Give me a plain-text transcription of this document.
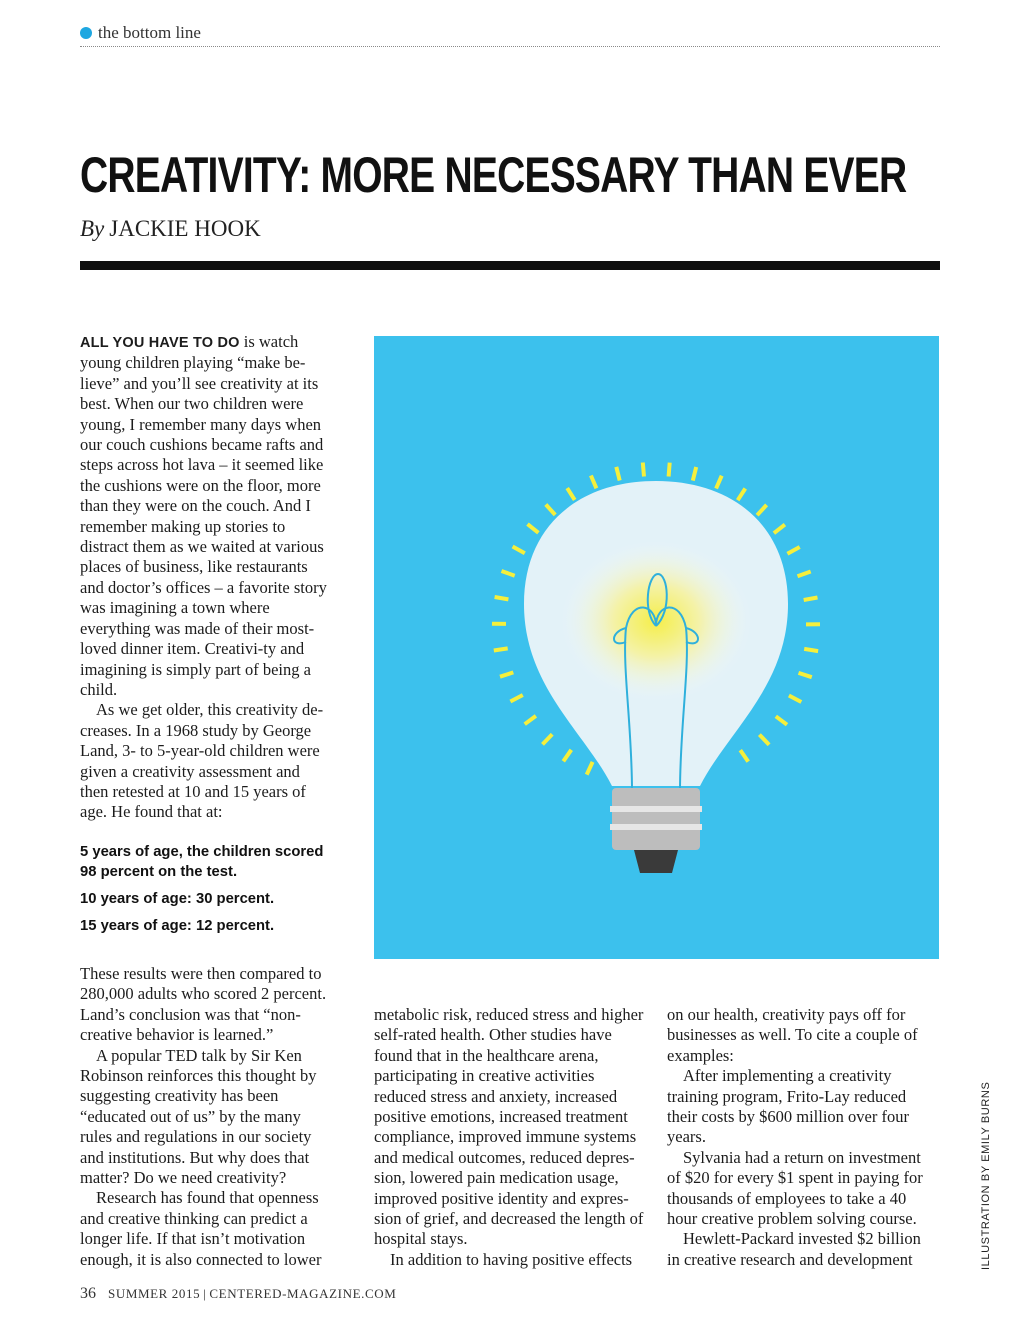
the bottom line
CREATIVITY: MORE NECESSARY THAN EVER
By JACKIE HOOK

ALL YOU HAVE TO DO is watch young children playing “make be-lieve” and you’ll see creativity at its best. When our two children were young, I remember many days when our couch cushions became rafts and steps across hot lava – it seemed like the cushions were on the floor, more than they were on the couch. And I remember making up stories to distract them as we waited at various places of business, like restaurants and doctor’s offices – a favorite story was imagining a town where everything was made of their most-loved dinner item. Creativi-ty and imagining is simply part of being a child.

As we get older, this creativity de-creases. In a 1968 study by George Land, 3- to 5-year-old children were given a creativity assessment and then retested at 10 and 15 years of age. He found that at:

5 years of age, the children scored 98 percent on the test.

10 years of age: 30 percent.

15 years of age: 12 percent.

These results were then compared to 280,000 adults who scored 2 percent. Land’s conclusion was that “non-creative behavior is learned.”

A popular TED talk by Sir Ken Robinson reinforces this thought by suggesting creativity has been “educated out of us” by the many rules and regulations in our society and institutions. But why does that matter? Do we need creativity?

Research has found that openness and creative thinking can predict a longer life. If that isn’t motivation enough, it is also connected to lower

metabolic risk, reduced stress and higher self-rated health. Other studies have found that in the healthcare arena, participating in creative activities reduced stress and anxiety, increased positive emotions, increased treatment compliance, improved immune systems and medical outcomes, reduced depres-sion, lowered pain medication usage, improved positive identity and expres-sion of grief, and decreased the length of hospital stays.

In addition to having positive effects

on our health, creativity pays off for businesses as well. To cite a couple of examples:

After implementing a creativity training program, Frito-Lay reduced their costs by $600 million over four years.

Sylvania had a return on investment of $20 for every $1 spent in paying for thousands of employees to take a 40 hour creative problem solving course.

Hewlett-Packard invested $2 billion in creative research and development	ILLUSTRATION BY EMILY BURNS
36 SUMMER 2015 | CENTERED-MAGAZINE.COM
